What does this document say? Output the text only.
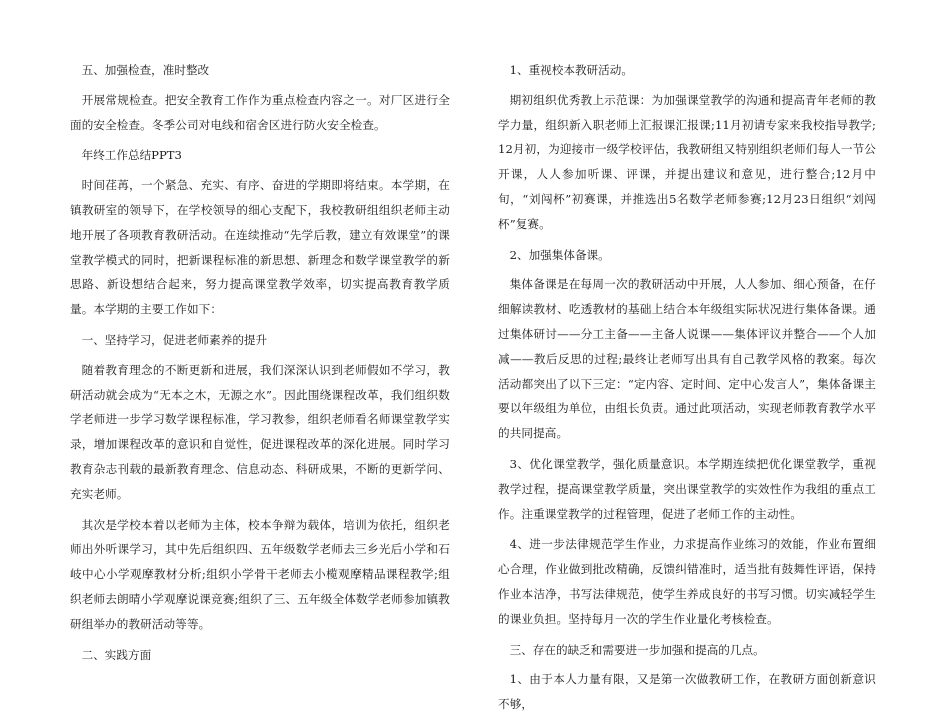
五、加强检查，准时整改

开展常规检查。把安全教育工作作为重点检查内容之一。对厂区进行全面的安全检查。冬季公司对电线和宿舍区进行防火安全检查。

年终工作总结PPT3

时间荏苒，一个紧急、充实、有序、奋进的学期即将结束。本学期，在镇教研室的领导下，在学校领导的细心支配下，我校教研组组织老师主动地开展了各项教育教研活动。在连续推动“先学后教，建立有效课堂”的课堂教学模式的同时，把新课程标准的新思想、新理念和数学课堂教学的新思路、新设想结合起来，努力提高课堂教学效率，切实提高教育教学质量。本学期的主要工作如下：

一、坚持学习，促进老师素养的提升

随着教育理念的不断更新和进展，我们深深认识到老师假如不学习，教研活动就会成为“无本之木，无源之水”。因此围绕课程改革，我们组织数学老师进一步学习数学课程标准，学习教参，组织老师看名师课堂教学实录，增加课程改革的意识和自觉性，促进课程改革的深化进展。同时学习教育杂志刊载的最新教育理念、信息动态、科研成果，不断的更新学问、充实老师。

其次是学校本着以老师为主体，校本争辩为载体，培训为依托，组织老师出外听课学习，其中先后组织四、五年级数学老师去三乡光后小学和石岐中心小学观摩教材分析;组织小学骨干老师去小榄观摩精品课程教学;组织老师去朗晴小学观摩说课竞赛;组织了三、五年级全体数学老师参加镇教研组举办的教研活动等等。

二、实践方面

1、重视校本教研活动。

期初组织优秀教上示范课：为加强课堂教学的沟通和提高青年老师的教学力量，组织新入职老师上汇报课汇报课;11月初请专家来我校指导教学;12月初，为迎接市一级学校评估，我教研组又特别组织老师们每人一节公开课，人人参加听课、评课，并提出建议和意见，进行整合;12月中旬，“刘闯杯”初赛课，并推选出5名数学老师参赛;12月23日组织“刘闯杯”复赛。

2、加强集体备课。

集体备课是在每周一次的教研活动中开展，人人参加、细心预备，在仔细解读教材、吃透教材的基础上结合本年级组实际状况进行集体备课。通过集体研讨——分工主备——主备人说课——集体评议并整合——个人加减——教后反思的过程;最终让老师写出具有自己教学风格的教案。每次活动都突出了以下三定：“定内容、定时间、定中心发言人”，集体备课主要以年级组为单位，由组长负责。通过此项活动，实现老师教育教学水平的共同提高。

3、优化课堂教学，强化质量意识。本学期连续把优化课堂教学，重视教学过程，提高课堂教学质量，突出课堂教学的实效性作为我组的重点工作。注重课堂教学的过程管理，促进了老师工作的主动性。

4、进一步法律规范学生作业，力求提高作业练习的效能，作业布置细心合理，作业做到批改精确，反馈纠错准时，适当批有鼓舞性评语，保持作业本洁净，书写法律规范，使学生养成良好的书写习惯。切实减轻学生的课业负担。坚持每月一次的学生作业量化考核检查。

三、存在的缺乏和需要进一步加强和提高的几点。

1、由于本人力量有限，又是第一次做教研工作，在教研方面创新意识不够，
